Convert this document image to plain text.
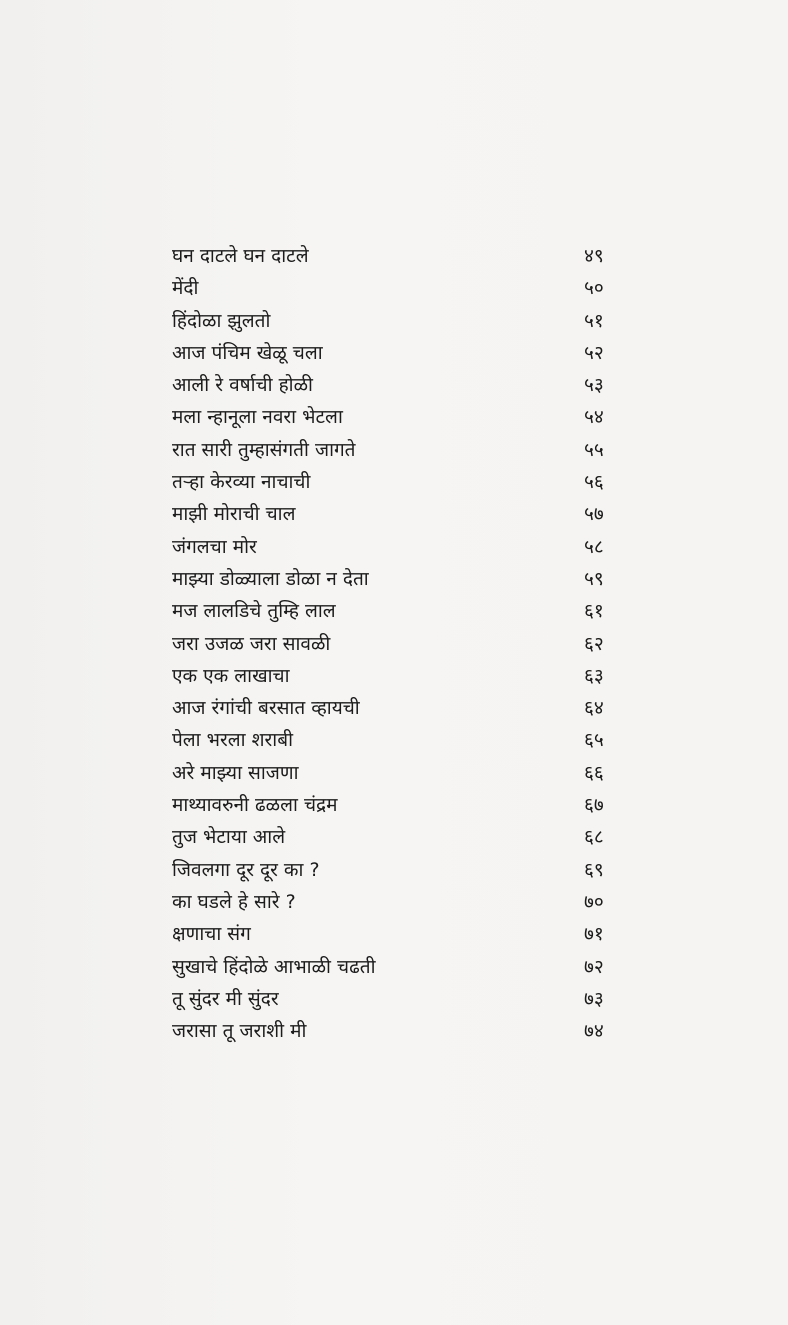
घन दाटले घन दाटले	४९
मेंदी	५०
हिंदोळा झुलतो	५१
आज पंचिम खेळू चला	५२
आली रे वर्षाची होळी	५३
मला न्हानूला नवरा भेटला	५४
रात सारी तुम्हासंगती जागते	५५
तऱ्हा केरव्या नाचाची	५६
माझी मोराची चाल	५७
जंगलचा मोर	५८
माझ्या डोळ्याला डोळा न देता	५९
मज लालडिचे तुम्हि लाल	६१
जरा उजळ जरा सावळी	६२
एक एक लाखाचा	६३
आज रंगांची बरसात व्हायची	६४
पेला भरला शराबी	६५
अरे माझ्या साजणा	६६
माथ्यावरुनी ढळला चंद्रम	६७
तुज भेटाया आले	६८
जिवलगा दूर दूर का ?	६९
का घडले हे सारे ?	७०
क्षणाचा संग	७१
सुखाचे हिंदोळे आभाळी चढती	७२
तू सुंदर मी सुंदर	७३
जरासा तू जराशी मी	७४
